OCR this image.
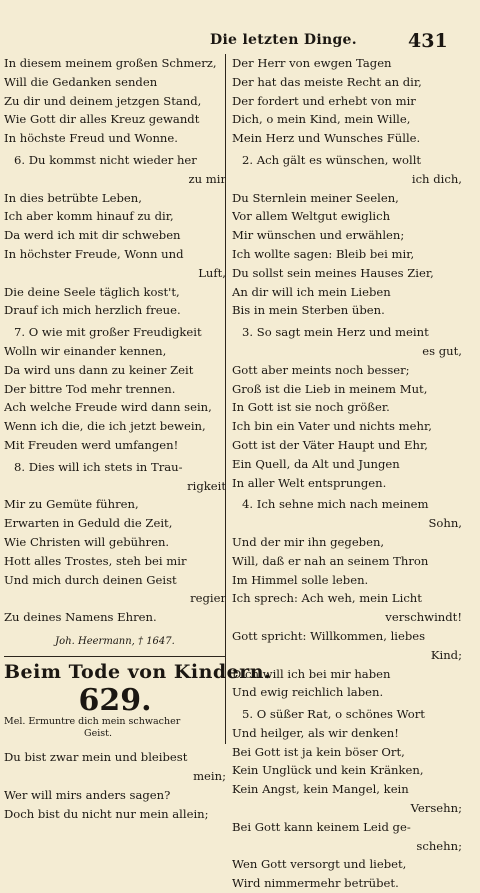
Die letzten Dinge.	431
In diesem meinem großen Schmerz,
Will die Gedanken senden
Zu dir und deinem jetzgen Stand,
Wie Gott dir alles Kreuz gewandt
In höchste Freud und Wonne.
6. Du kommst nicht wieder her
zu mir
In dies betrübte Leben,
Ich aber komm hinauf zu dir,
Da werd ich mit dir schweben
In höchster Freude, Wonn und
Luft,
Die deine Seele täglich kost't,
Drauf ich mich herzlich freue.
7. O wie mit großer Freudigkeit
Wolln wir einander kennen,
Da wird uns dann zu keiner Zeit
Der bittre Tod mehr trennen.
Ach welche Freude wird dann sein,
Wenn ich die, die ich jetzt bewein,
Mit Freuden werd umfangen!
8. Dies will ich stets in Trau-
rigkeit
Mir zu Gemüte führen,
Erwarten in Geduld die Zeit,
Wie Christen will gebühren.
Hott alles Trostes, steh bei mir
Und mich durch deinen Geist
regier
Zu deines Namens Ehren.
Joh. Heermann, † 1647.
Beim Tode von Kindern.
629.
Mel. Ermuntre dich mein schwacher
Geist.
Du bist zwar mein und bleibest
mein;
Wer will mirs anders sagen?
Doch bist du nicht nur mein allein;
Der Herr von ewgen Tagen
Der hat das meiste Recht an dir,
Der fordert und erhebt von mir
Dich, o mein Kind, mein Wille,
Mein Herz und Wunsches Fülle.
2. Ach gält es wünschen, wollt
ich dich,
Du Sternlein meiner Seelen,
Vor allem Weltgut ewiglich
Mir wünschen und erwählen;
Ich wollte sagen: Bleib bei mir,
Du sollst sein meines Hauses Zier,
An dir will ich mein Lieben
Bis in mein Sterben üben.
3. So sagt mein Herz und meint
es gut,
Gott aber meints noch besser;
Groß ist die Lieb in meinem Mut,
In Gott ist sie noch größer.
Ich bin ein Vater und nichts mehr,
Gott ist der Väter Haupt und Ehr,
Ein Quell, da Alt und Jungen
In aller Welt entsprungen.
4. Ich sehne mich nach meinem
Sohn,
Und der mir ihn gegeben,
Will, daß er nah an seinem Thron
Im Himmel solle leben.
Ich sprech: Ach weh, mein Licht
verschwindt!
Gott spricht: Willkommen, liebes
Kind;
Dich will ich bei mir haben
Und ewig reichlich laben.
5. O süßer Rat, o schönes Wort
Und heilger, als wir denken!
Bei Gott ist ja kein böser Ort,
Kein Unglück und kein Kränken,
Kein Angst, kein Mangel, kein
Versehn;
Bei Gott kann keinem Leid ge-
schehn;
Wen Gott versorgt und liebet,
Wird nimmermehr betrübet.
